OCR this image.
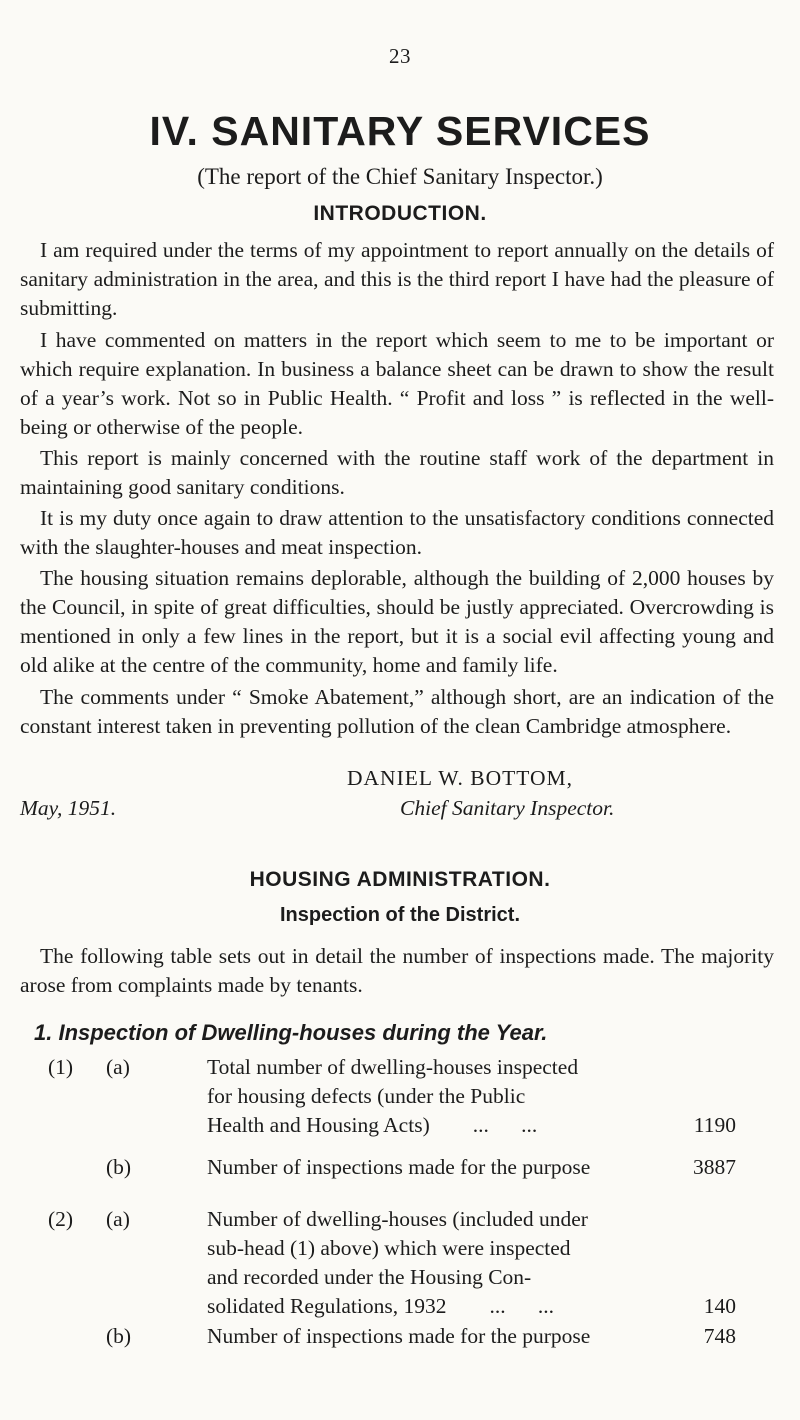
23
IV. SANITARY SERVICES
(The report of the Chief Sanitary Inspector.)
INTRODUCTION.

I am required under the terms of my appointment to report annually on the details of sanitary administration in the area, and this is the third report I have had the pleasure of submitting.

I have commented on matters in the report which seem to me to be important or which require explanation. In business a balance sheet can be drawn to show the result of a year’s work. Not so in Public Health. “ Profit and loss ” is reflected in the well-being or otherwise of the people.

This report is mainly concerned with the routine staff work of the department in maintaining good sanitary conditions.

It is my duty once again to draw attention to the unsatisfactory conditions connected with the slaughter-houses and meat inspection.

The housing situation remains deplorable, although the building of 2,000 houses by the Council, in spite of great difficulties, should be justly appreciated. Overcrowding is mentioned in only a few lines in the report, but it is a social evil affecting young and old alike at the centre of the community, home and family life.

The comments under “ Smoke Abatement,” although short, are an indication of the constant interest taken in preventing pollution of the clean Cambridge atmosphere.

DANIEL W. BOTTOM,
May, 1951.	Chief Sanitary Inspector.
HOUSING ADMINISTRATION.
Inspection of the District.

The following table sets out in detail the number of inspections made. The majority arose from complaints made by tenants.

1. Inspection of Dwelling-houses during the Year.
(1) (a)	Total number of dwelling-houses inspected
for housing defects (under the Public
Health and Housing Acts)        ...      ...	1190
(b)	Number of inspections made for the purpose	3887
(2) (a)	Number of dwelling-houses (included under
sub-head (1) above) which were inspected
and recorded under the Housing Con-
solidated Regulations, 1932        ...      ...	140
(b)	Number of inspections made for the purpose	748
